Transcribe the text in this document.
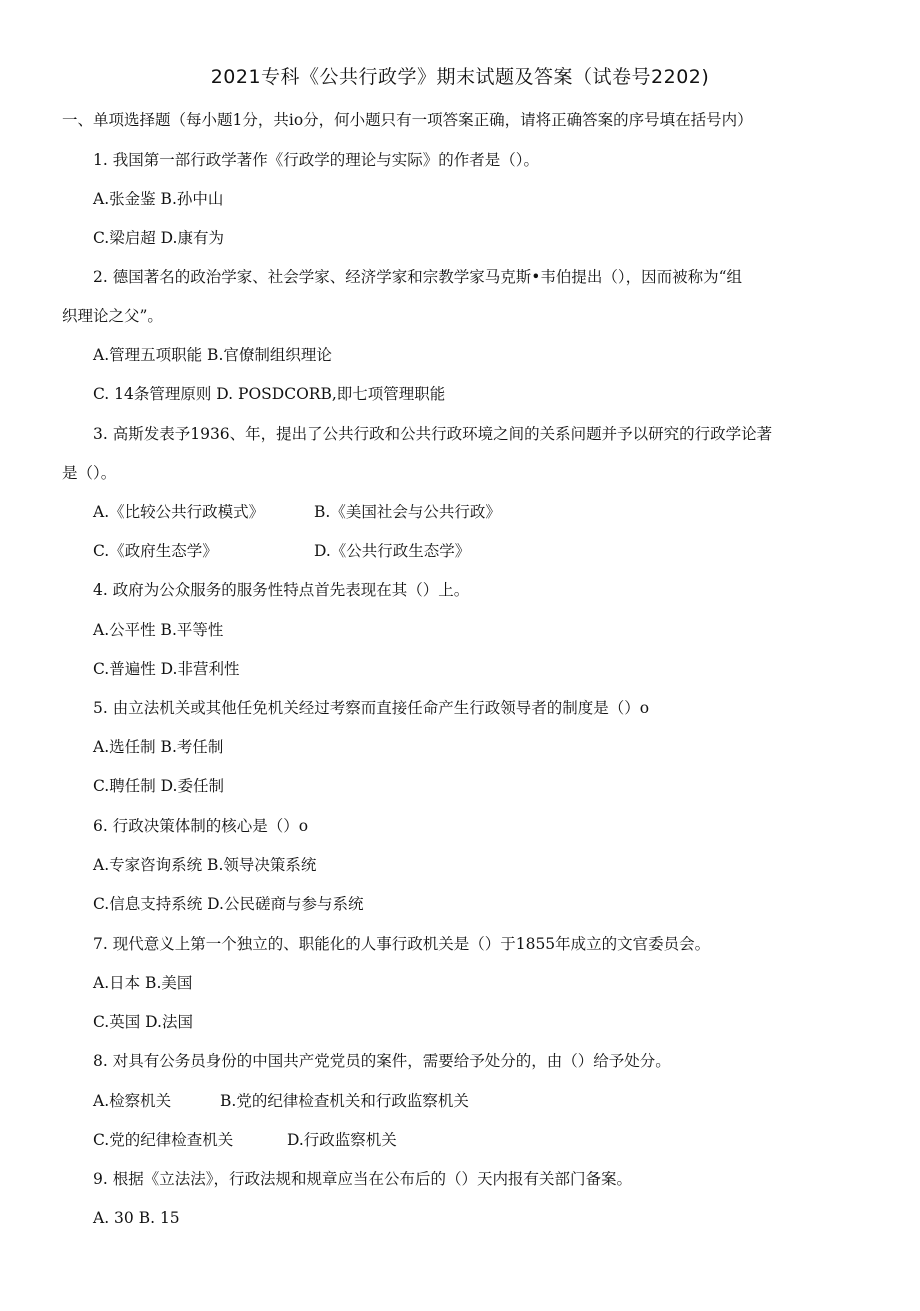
2021专科《公共行政学》期末试题及答案（试卷号2202)
一、单项选择题（每小题1分，共io分，何小题只有一项答案正确，请将正确答案的序号填在括号内）
1. 我国第一部行政学著作《行政学的理论与实际》的作者是（）。
A.张金鉴 B.孙中山
C.梁启超 D.康有为
2. 德国著名的政治学家、社会学家、经济学家和宗教学家马克斯•韦伯提出（），因而被称为“组
织理论之父”。
A.管理五项职能 B.官僚制组织理论
C. 14条管理原则 D. POSDCORB,即七项管理职能
3. 高斯发表予1936、年，提出了公共行政和公共行政环境之间的关系问题并予以研究的行政学论著
是（）。
A.《比较公共行政模式》	B.《美国社会与公共行政》
C.《政府生态学》	D.《公共行政生态学》
4. 政府为公众服务的服务性特点首先表现在其（）上。
A.公平性 B.平等性
C.普遍性 D.非营利性
5. 由立法机关或其他任免机关经过考察而直接任命产生行政领导者的制度是（）o
A.选任制 B.考任制
C.聘任制 D.委任制
6. 行政决策体制的核心是（）o
A.专家咨询系统 B.领导决策系统
C.信息支持系统 D.公民磋商与参与系统
7. 现代意义上第一个独立的、职能化的人事行政机关是（）于1855年成立的文官委员会。
A.日本 B.美国
C.英国 D.法国
8. 对具有公务员身份的中国共产党党员的案件，需要给予处分的，由（）给予处分。
A.检察机关	B.党的纪律检查机关和行政监察机关
C.党的纪律检查机关	D.行政监察机关
9. 根据《立法法》，行政法规和规章应当在公布后的（）天内报有关部门备案。
A. 30 B. 15
